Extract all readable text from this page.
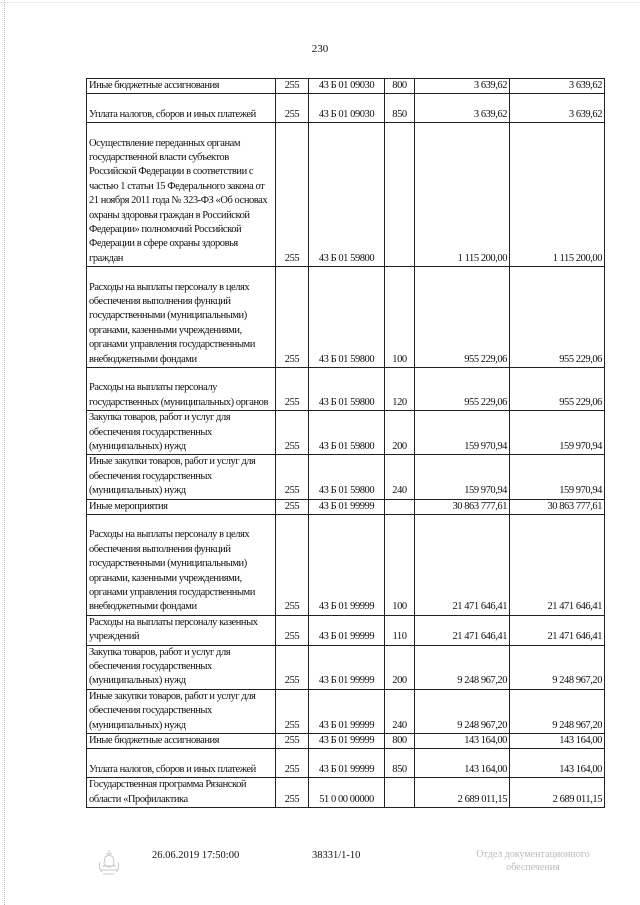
230
Иные бюджетные ассигнования	255	43 Б 01 09030	800	3 639,62	3 639,62
Уплата налогов, сборов и иных платежей	255	43 Б 01 09030	850	3 639,62	3 639,62
Осуществление переданных органам государственной власти субъектов Российской Федерации в соответствии с частью 1 статьи 15 Федерального закона от 21 ноября 2011 года № 323-ФЗ «Об основах охраны здоровья граждан в Российской Федерации» полномочий Российской Федерации в сфере охраны здоровья граждан	255	43 Б 01 59800		1 115 200,00	1 115 200,00
Расходы на выплаты персоналу в целях обеспечения выполнения функций государственными (муниципальными) органами, казенными учреждениями, органами управления государственными внебюджетными фондами	255	43 Б 01 59800	100	955 229,06	955 229,06
Расходы на выплаты персоналу государственных (муниципальных) органов	255	43 Б 01 59800	120	955 229,06	955 229,06
Закупка товаров, работ и услуг для обеспечения государственных (муниципальных) нужд	255	43 Б 01 59800	200	159 970,94	159 970,94
Иные закупки товаров, работ и услуг для обеспечения государственных (муниципальных) нужд	255	43 Б 01 59800	240	159 970,94	159 970,94
Иные мероприятия	255	43 Б 01 99999		30 863 777,61	30 863 777,61
Расходы на выплаты персоналу в целях обеспечения выполнения функций государственными (муниципальными) органами, казенными учреждениями, органами управления государственными внебюджетными фондами	255	43 Б 01 99999	100	21 471 646,41	21 471 646,41
Расходы на выплаты персоналу казенных учреждений	255	43 Б 01 99999	110	21 471 646,41	21 471 646,41
Закупка товаров, работ и услуг для обеспечения государственных (муниципальных) нужд	255	43 Б 01 99999	200	9 248 967,20	9 248 967,20
Иные закупки товаров, работ и услуг для обеспечения государственных (муниципальных) нужд	255	43 Б 01 99999	240	9 248 967,20	9 248 967,20
Иные бюджетные ассигнования	255	43 Б 01 99999	800	143 164,00	143 164,00
Уплата налогов, сборов и иных платежей	255	43 Б 01 99999	850	143 164,00	143 164,00
Государственная программа Рязанской области «Профилактика	255	51 0 00 00000		2 689 011,15	2 689 011,15
26.06.2019 17:50:00	38331/1-10	Отдел документационного
обеспечения
